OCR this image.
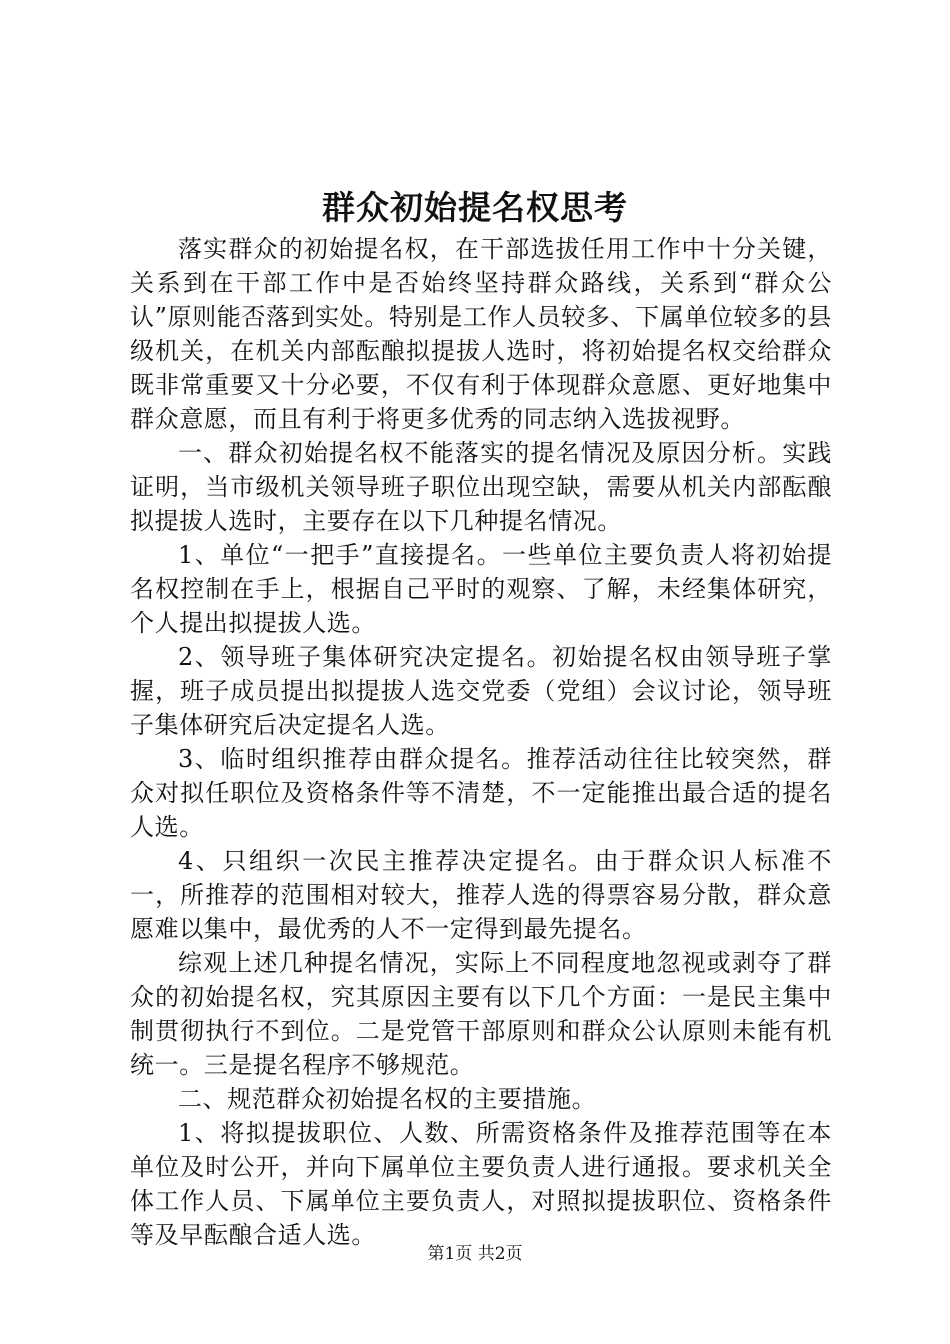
群众初始提名权思考

落实群众的初始提名权，在干部选拔任用工作中十分关键，关系到在干部工作中是否始终坚持群众路线，关系到“群众公认”原则能否落到实处。特别是工作人员较多、下属单位较多的县级机关，在机关内部酝酿拟提拔人选时，将初始提名权交给群众既非常重要又十分必要，不仅有利于体现群众意愿、更好地集中群众意愿，而且有利于将更多优秀的同志纳入选拔视野。

一、群众初始提名权不能落实的提名情况及原因分析。实践证明，当市级机关领导班子职位出现空缺，需要从机关内部酝酿拟提拔人选时，主要存在以下几种提名情况。

1、单位“一把手”直接提名。一些单位主要负责人将初始提名权控制在手上，根据自己平时的观察、了解，未经集体研究，个人提出拟提拔人选。

2、领导班子集体研究决定提名。初始提名权由领导班子掌握，班子成员提出拟提拔人选交党委（党组）会议讨论，领导班子集体研究后决定提名人选。

3、临时组织推荐由群众提名。推荐活动往往比较突然，群众对拟任职位及资格条件等不清楚，不一定能推出最合适的提名人选。

4、只组织一次民主推荐决定提名。由于群众识人标准不一，所推荐的范围相对较大，推荐人选的得票容易分散，群众意愿难以集中，最优秀的人不一定得到最先提名。

综观上述几种提名情况，实际上不同程度地忽视或剥夺了群众的初始提名权，究其原因主要有以下几个方面：一是民主集中制贯彻执行不到位。二是党管干部原则和群众公认原则未能有机统一。三是提名程序不够规范。

二、规范群众初始提名权的主要措施。

1、将拟提拔职位、人数、所需资格条件及推荐范围等在本单位及时公开，并向下属单位主要负责人进行通报。要求机关全体工作人员、下属单位主要负责人，对照拟提拔职位、资格条件等及早酝酿合适人选。

第1页 共2页
